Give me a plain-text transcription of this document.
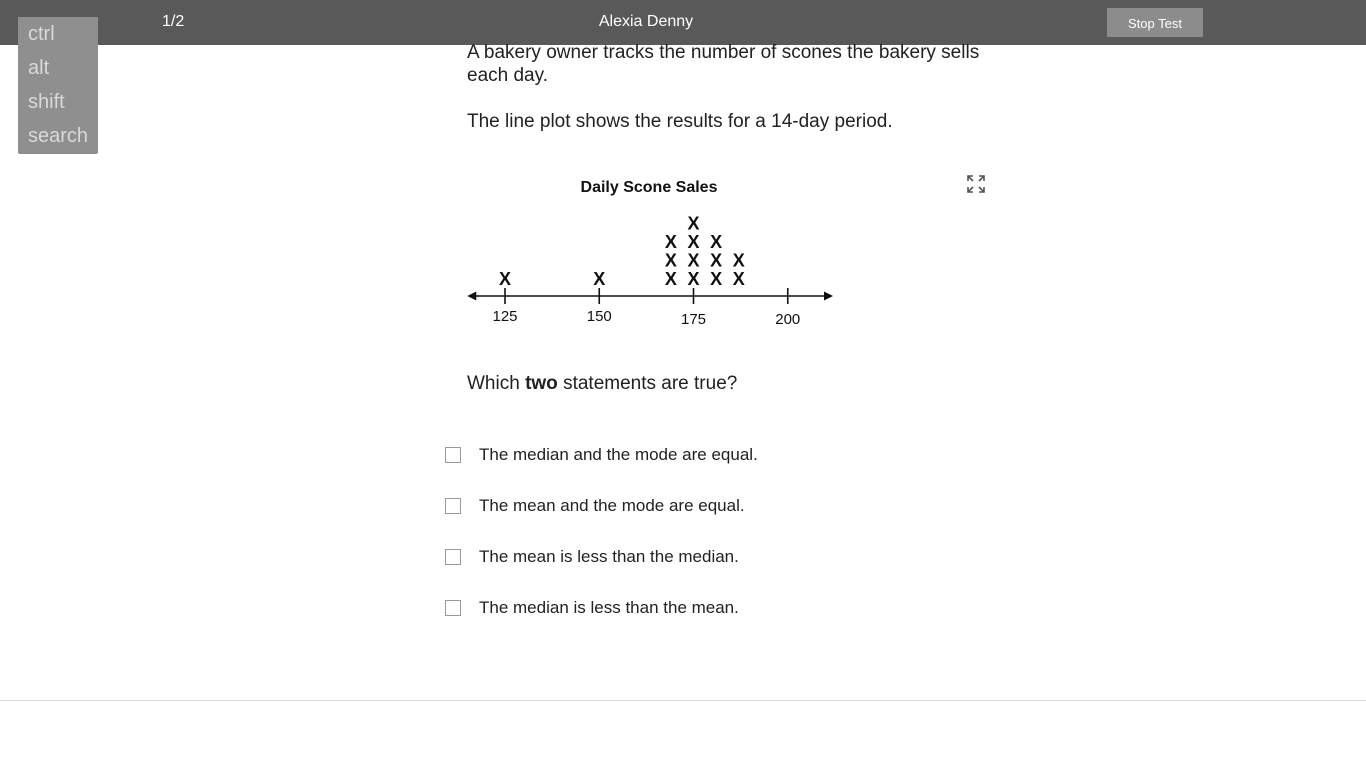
1/2	Alexia Denny	Stop Test
ctrl
alt
shift
search

A bakery owner tracks the number of scones the bakery sells each day.

The line plot shows the results for a 14-day period.

Daily Scone Sales
X	X	X
X
X
X
X
X
X
X
X
X
X
X
125	150	175	200
Which two statements are true?
The median and the mode are equal.
The mean and the mode are equal.
The mean is less than the median.
The median is less than the mean.
